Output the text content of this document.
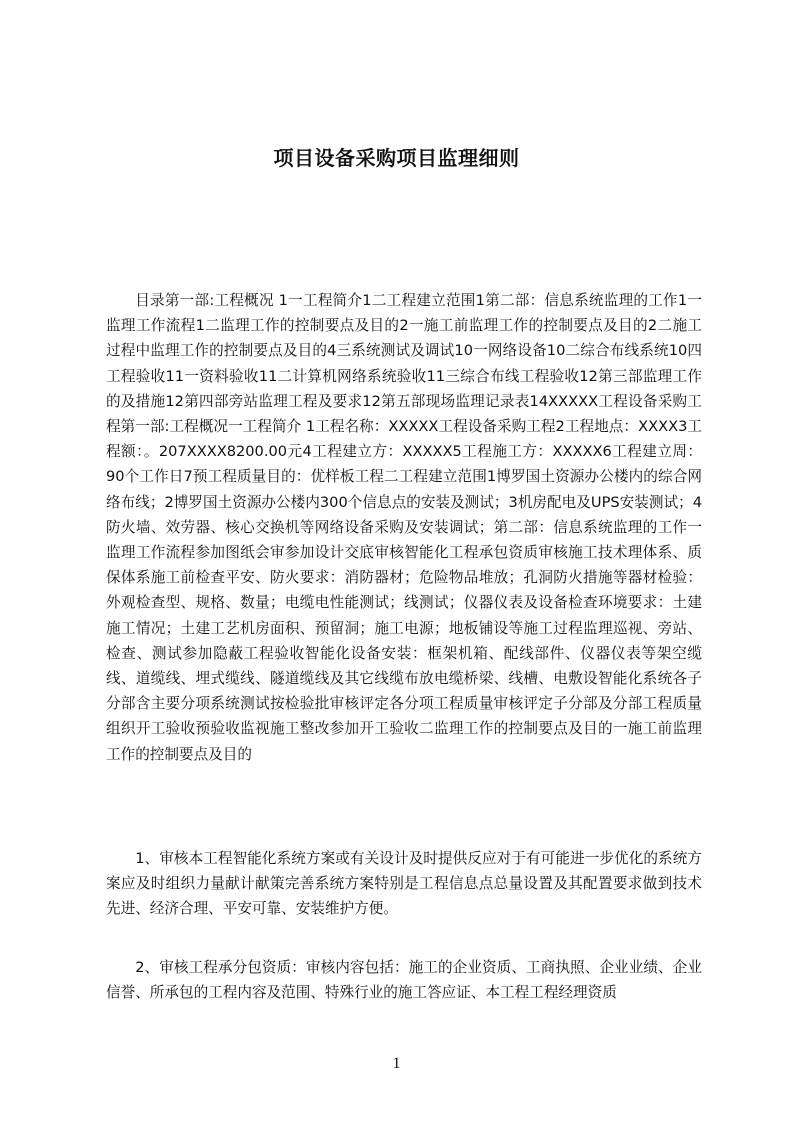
项目设备采购项目监理细则

目录第一部:工程概况 1一工程简介1二工程建立范围1第二部：信息系统监理的工作1一监理工作流程1二监理工作的控制要点及目的2一施工前监理工作的控制要点及目的2二施工过程中监理工作的控制要点及目的4三系统测试及调试10一网络设备10二综合布线系统10四工程验收11一资料验收11二计算机网络系统验收11三综合布线工程验收12第三部监理工作的及措施12第四部旁站监理工程及要求12第五部现场监理记录表14XXXXX工程设备采购工程第一部:工程概况一工程简介 1工程名称：XXXXX工程设备采购工程2工程地点：XXXX3工程额：。207XXXX8200.00元4工程建立方：XXXXX5工程施工方：XXXXX6工程建立周：90个工作日7预工程质量目的：优样板工程二工程建立范围1博罗国土资源办公楼内的综合网络布线；2博罗国土资源办公楼内300个信息点的安装及测试；3机房配电及UPS安装测试；4防火墙、效劳器、核心交换机等网络设备采购及安装调试；第二部：信息系统监理的工作一监理工作流程参加图纸会审参加设计交底审核智能化工程承包资质审核施工技术理体系、质保体系施工前检查平安、防火要求：消防器材；危险物品堆放；孔洞防火措施等器材检验：外观检查型、规格、数量；电缆电性能测试；线测试；仪器仪表及设备检查环境要求：土建施工情况；土建工艺机房面积、预留洞；施工电源；地板铺设等施工过程监理巡视、旁站、检查、测试参加隐蔽工程验收智能化设备安装：框架机箱、配线部件、仪器仪表等架空缆线、道缆线、埋式缆线、隧道缆线及其它线缆布放电缆桥梁、线槽、电敷设智能化系统各子分部含主要分项系统测试按检验批审核评定各分项工程质量审核评定子分部及分部工程质量组织开工验收预验收监视施工整改参加开工验收二监理工作的控制要点及目的一施工前监理工作的控制要点及目的

1、审核本工程智能化系统方案或有关设计及时提供反应对于有可能进一步优化的系统方案应及时组织力量献计献策完善系统方案特别是工程信息点总量设置及其配置要求做到技术先进、经济合理、平安可靠、安装维护方便。

2、审核工程承分包资质：审核内容包括：施工的企业资质、工商执照、企业业绩、企业信誉、所承包的工程内容及范围、特殊行业的施工答应证、本工程工程经理资质

1
